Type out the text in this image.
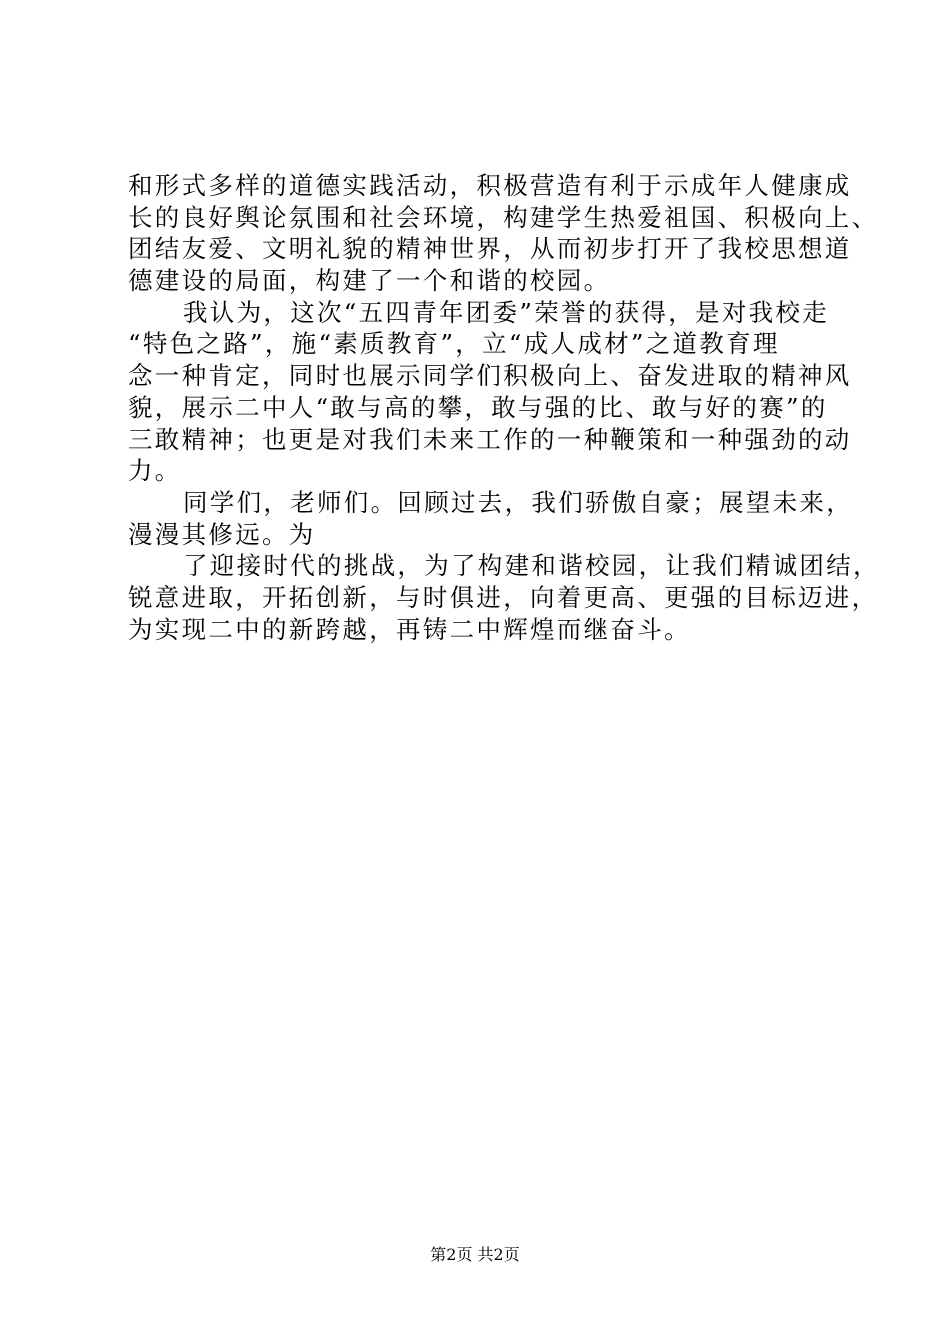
和形式多样的道德实践活动，积极营造有利于示成年人健康成
长的良好舆论氛围和社会环境，构建学生热爱祖国、积极向上、
团结友爱、文明礼貌的精神世界，从而初步打开了我校思想道
德建设的局面，构建了一个和谐的校园。
我认为，这次“五四青年团委”荣誉的获得，是对我校走
“特色之路”，施“素质教育”，立“成人成材”之道教育理
念一种肯定，同时也展示同学们积极向上、奋发进取的精神风
貌，展示二中人“敢与高的攀，敢与强的比、敢与好的赛”的
三敢精神；也更是对我们未来工作的一种鞭策和一种强劲的动
力。
同学们，老师们。回顾过去，我们骄傲自豪；展望未来，
漫漫其修远。为
了迎接时代的挑战，为了构建和谐校园，让我们精诚团结，
锐意进取，开拓创新，与时俱进，向着更高、更强的目标迈进，
为实现二中的新跨越，再铸二中辉煌而继奋斗。
第2页 共2页
